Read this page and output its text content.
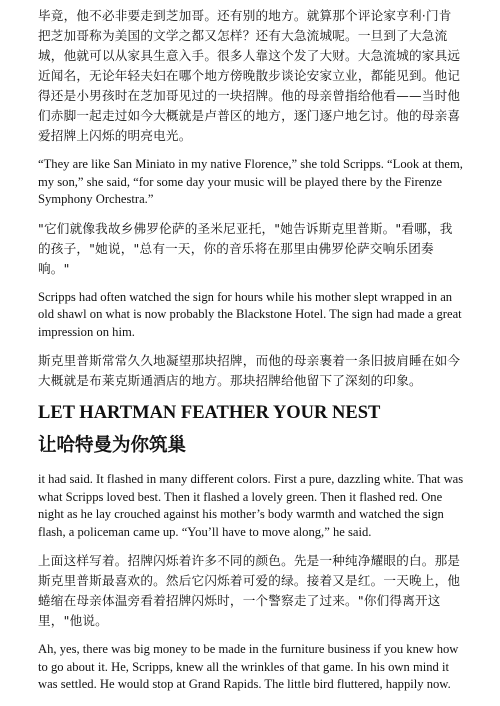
毕竟，他不必非要走到芝加哥。还有别的地方。就算那个评论家亨利·门肯把芝加哥称为美国的文学之都又怎样？还有大急流城呢。一旦到了大急流城，他就可以从家具生意入手。很多人靠这个发了大财。大急流城的家具远近闻名，无论年轻夫妇在哪个地方傍晚散步谈论安家立业，都能见到。他记得还是小男孩时在芝加哥见过的一块招牌。他的母亲曾指给他看——当时他们赤脚一起走过如今大概就是卢普区的地方，逐门逐户地乞讨。他的母亲喜爱招牌上闪烁的明亮电光。

“They are like San Miniato in my native Florence,” she told Scripps. “Look at them, my son,” she said, “for some day your music will be played there by the Firenze Symphony Orchestra.”

"它们就像我故乡佛罗伦萨的圣米尼亚托，"她告诉斯克里普斯。"看哪，我的孩子，"她说，"总有一天，你的音乐将在那里由佛罗伦萨交响乐团奏响。"

Scripps had often watched the sign for hours while his mother slept wrapped in an old shawl on what is now probably the Blackstone Hotel. The sign had made a great impression on him.

斯克里普斯常常久久地凝望那块招牌，而他的母亲裹着一条旧披肩睡在如今大概就是布莱克斯通酒店的地方。那块招牌给他留下了深刻的印象。

LET HARTMAN FEATHER YOUR NEST
让哈特曼为你筑巢

it had said. It flashed in many different colors. First a pure, dazzling white. That was what Scripps loved best. Then it flashed a lovely green. Then it flashed red. One night as he lay crouched against his mother’s body warmth and watched the sign flash, a policeman came up. “You’ll have to move along,” he said.

上面这样写着。招牌闪烁着许多不同的颜色。先是一种纯净耀眼的白。那是斯克里普斯最喜欢的。然后它闪烁着可爱的绿。接着又是红。一天晚上，他蜷缩在母亲体温旁看着招牌闪烁时，一个警察走了过来。"你们得离开这里，"他说。

Ah, yes, there was big money to be made in the furniture business if you knew how to go about it. He, Scripps, knew all the wrinkles of that game. In his own mind it was settled. He would stop at Grand Rapids. The little bird fluttered, happily now.
